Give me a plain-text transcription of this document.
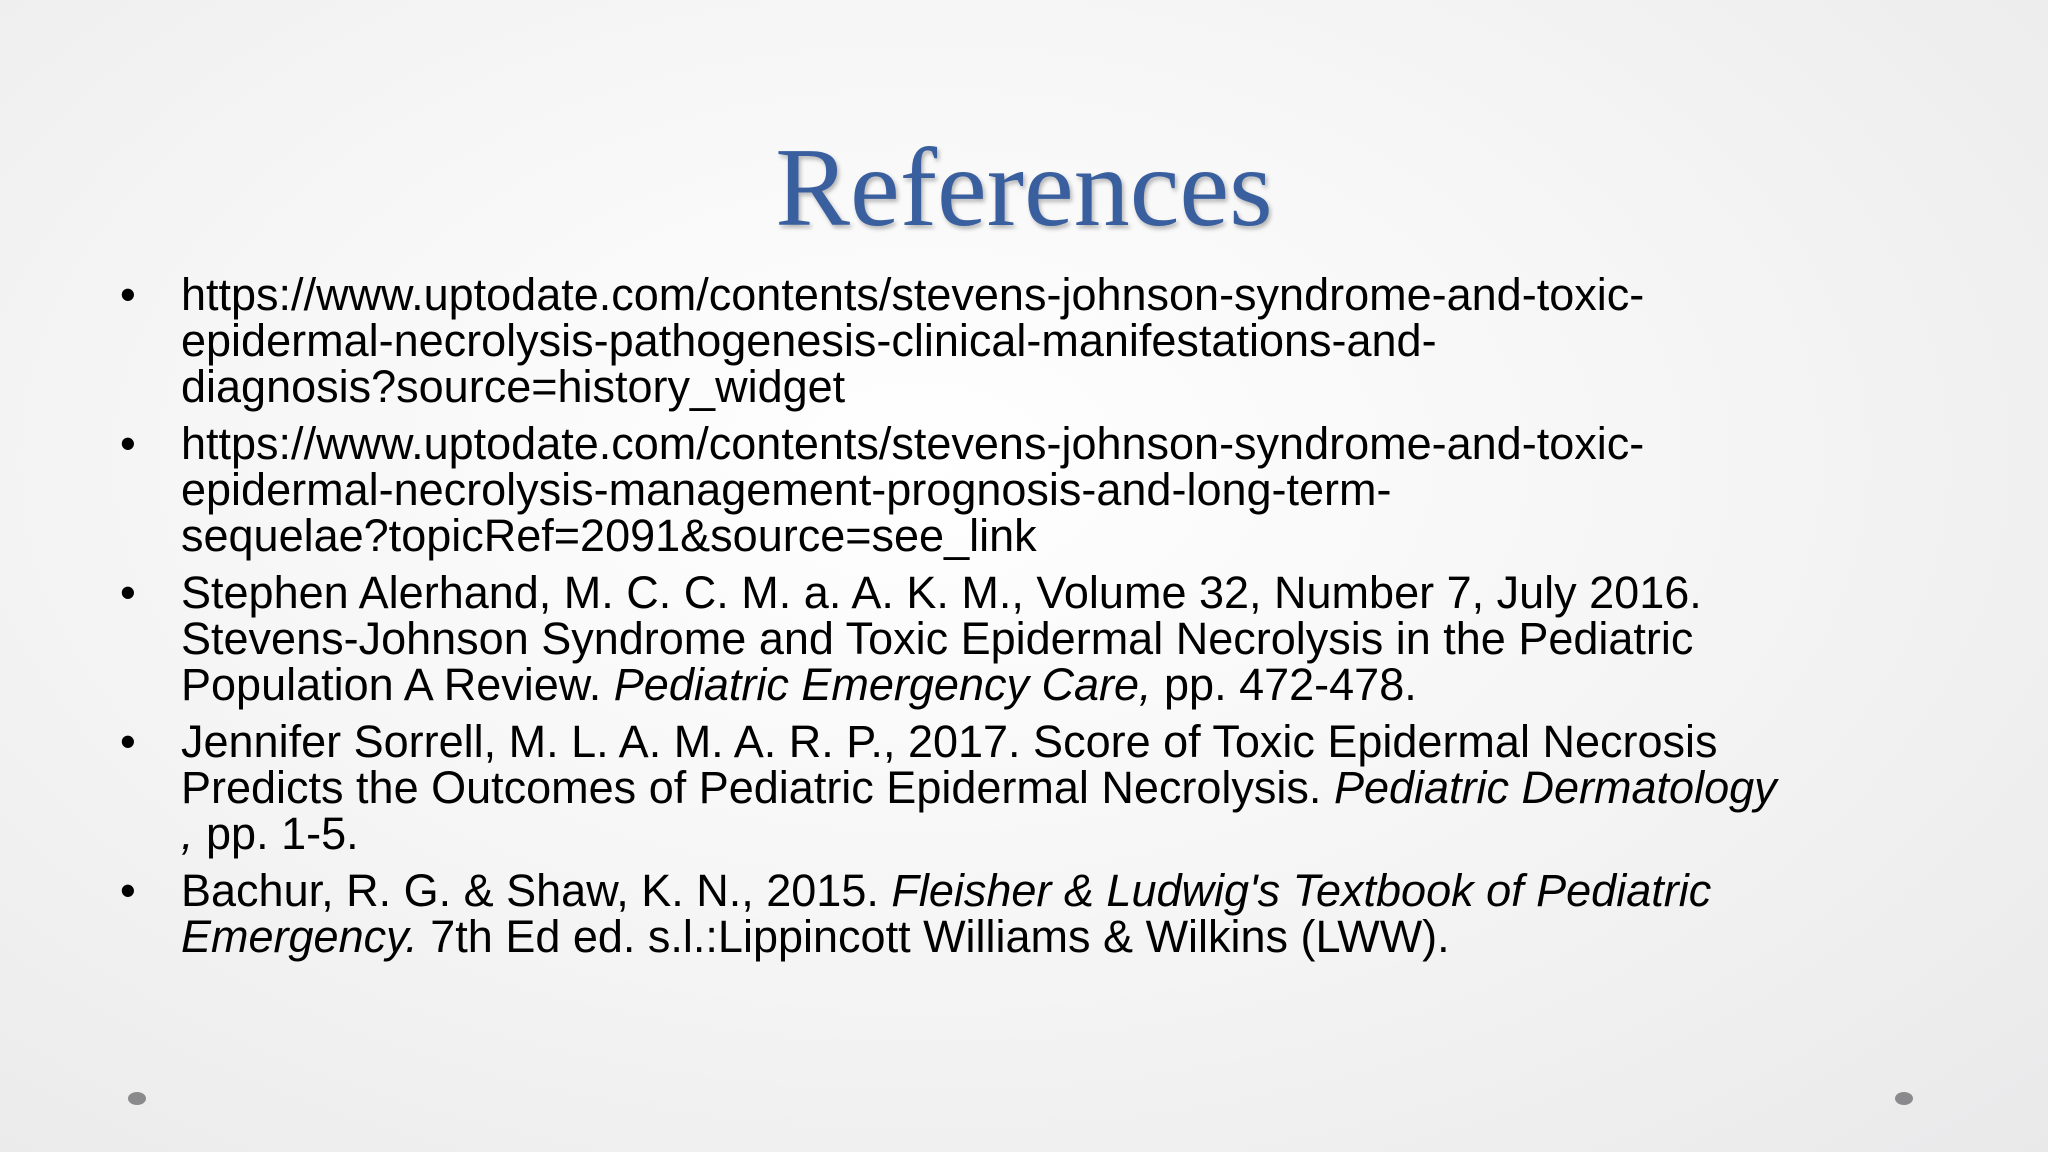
References
• https://www.uptodate.com/contents/stevens-johnson-syndrome-and-toxic-
epidermal-necrolysis-pathogenesis-clinical-manifestations-and-
diagnosis?source=history_widget
• https://www.uptodate.com/contents/stevens-johnson-syndrome-and-toxic-
epidermal-necrolysis-management-prognosis-and-long-term-
sequelae?topicRef=2091&source=see_link
• Stephen Alerhand, M. C. C. M. a. A. K. M., Volume 32, Number 7, July 2016.
Stevens-Johnson Syndrome and Toxic Epidermal Necrolysis in the Pediatric
Population A Review. Pediatric Emergency Care, pp. 472-478.
• Jennifer Sorrell, M. L. A. M. A. R. P., 2017. Score of Toxic Epidermal Necrosis
Predicts the Outcomes of Pediatric Epidermal Necrolysis. Pediatric Dermatology
, pp. 1-5.
• Bachur, R. G. & Shaw, K. N., 2015. Fleisher & Ludwig's Textbook of Pediatric
Emergency. 7th Ed ed. s.l.:Lippincott Williams & Wilkins (LWW).
